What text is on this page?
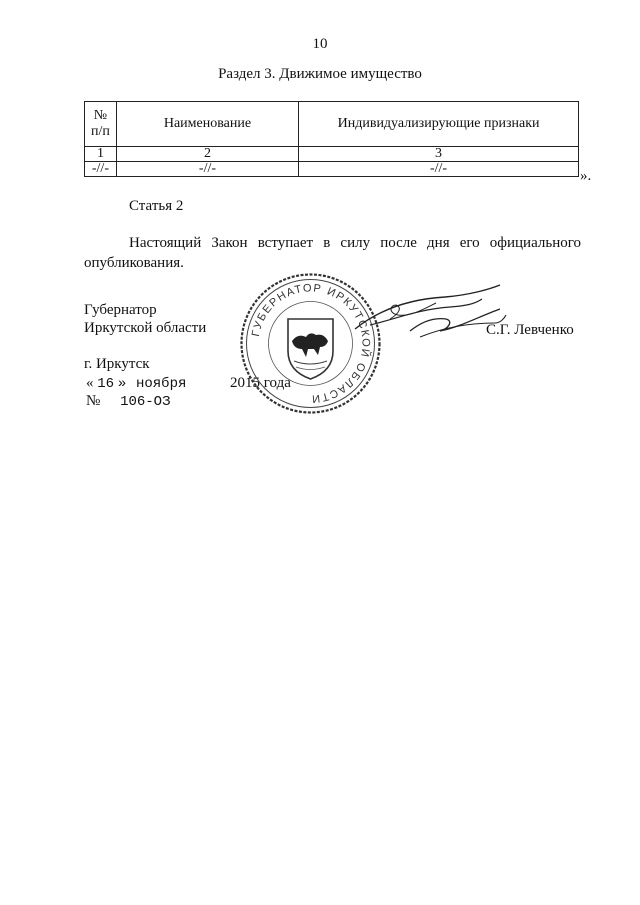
10
Раздел 3. Движимое имущество
№
п/п	Наименование	Индивидуализирующие признаки
1	2	3
-//-	-//-	-//-	».
Статья 2
Настоящий Закон вступает в силу после дня его официального опубликования.
Губернатор
Иркутской области	С.Г. Левченко
г. Иркутск
« 16 » ноября	2015 года
№ 106-ОЗ
ГУБЕРНАТОР ИРКУТСКОЙ ОБЛАСТИ
